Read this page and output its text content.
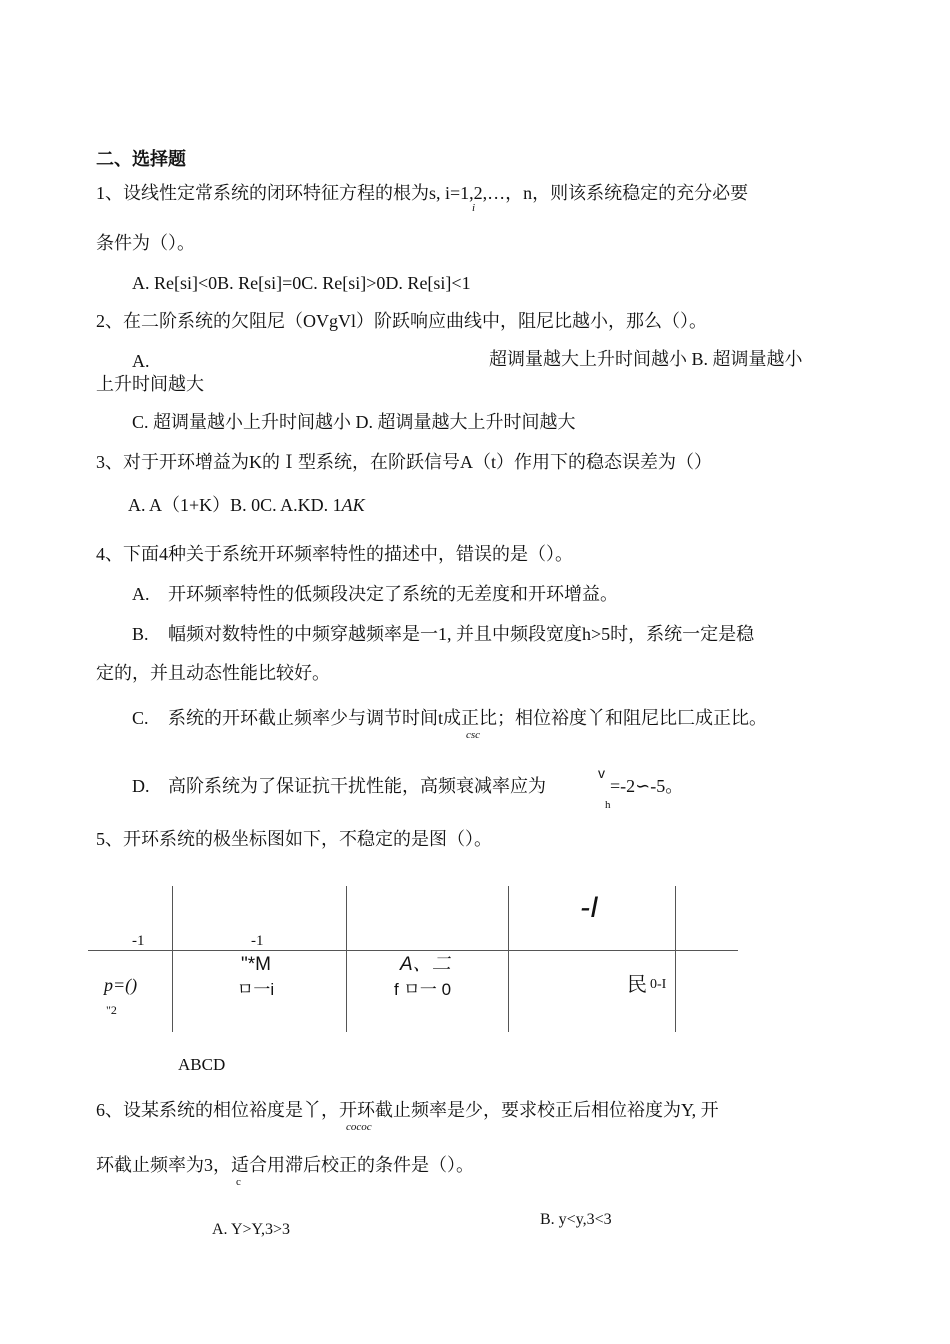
二、选择题
1、设线性定常系统的闭环特征方程的根为s, i=1,2,…，n，则该系统稳定的充分必要
i
条件为（）。
A. Re[si]<0B. Re[si]=0C. Re[si]>0D. Re[si]<1
2、在二阶系统的欠阻尼（OVgVl）阶跃响应曲线中，阻尼比越小，那么（）。
A.	超调量越大上升时间越小 B. 超调量越小
上升时间越大
C. 超调量越小上升时间越小 D. 超调量越大上升时间越大
3、对于开环增益为K的Ｉ型系统，在阶跃信号A（t）作用下的稳态误差为（）
A. A（1+K）B. 0C. A.KD. 1AK
4、下面4种关于系统开环频率特性的描述中，错误的是（）。
A. 开环频率特性的低频段决定了系统的无差度和开环增益。
B. 幅频对数特性的中频穿越频率是一1, 并且中频段宽度h>5时，系统一定是稳
定的，并且动态性能比较好。
C. 系统的开环截止频率少与调节时间t成正比；相位裕度丫和阻尼比匚成正比。
csc
D. 高阶系统为了保证抗干扰性能，高频衰减率应为
v
=-2∽-5。
h
5、开环系统的极坐标图如下，不稳定的是图（）。
-1
p=()
"2
-1
"*M
ㅁ一i
A、二
f ㅁ一 0
-I
民 0-I
ABCD
6、设某系统的相位裕度是丫，开环截止频率是少，要求校正后相位裕度为Y, 开
cococ
环截止频率为3，适合用滞后校正的条件是（）。
c
A. Y>Y,3>3
B. y<y,3<3
